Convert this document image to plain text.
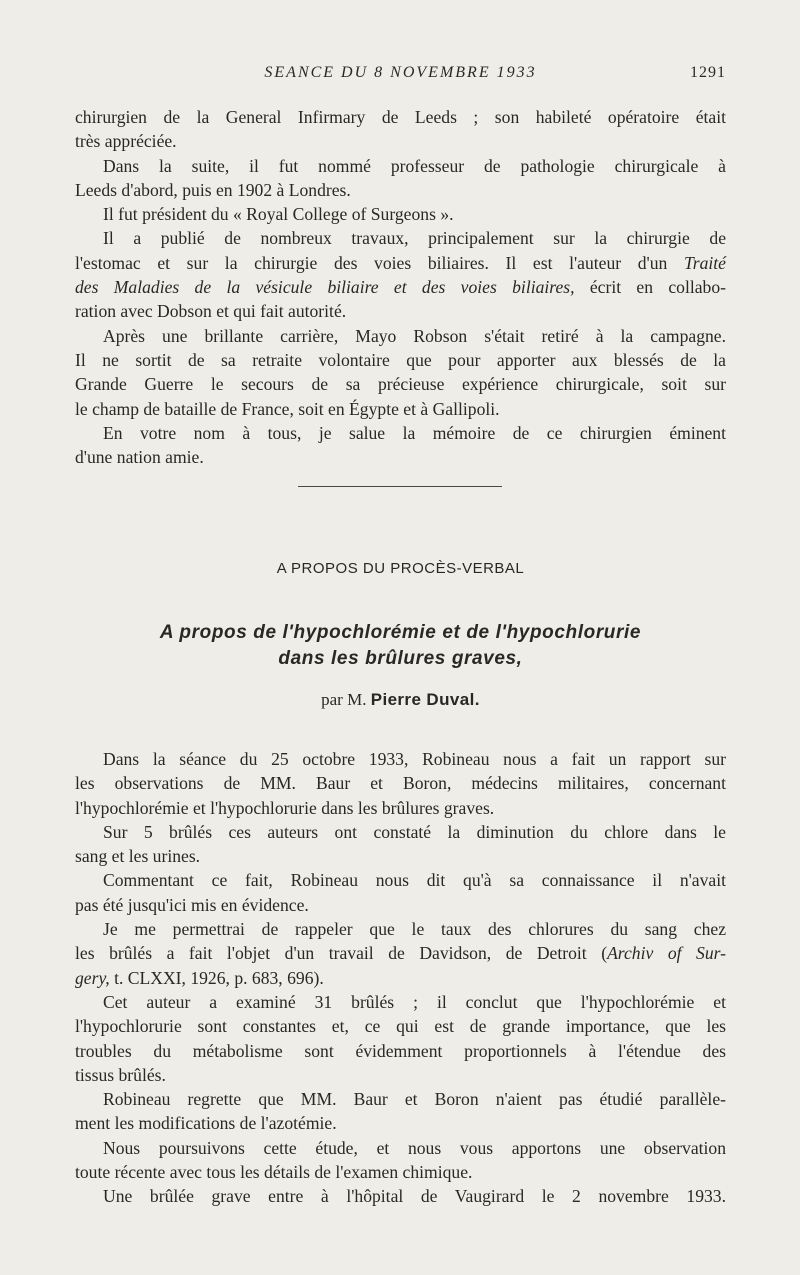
SEANCE DU 8 NOVEMBRE 1933	1291
chirurgien de la General Infirmary de Leeds ; son habileté opératoire était
très appréciée.
Dans la suite, il fut nommé professeur de pathologie chirurgicale à
Leeds d'abord, puis en 1902 à Londres.
Il fut président du « Royal College of Surgeons ».
Il a publié de nombreux travaux, principalement sur la chirurgie de
l'estomac et sur la chirurgie des voies biliaires. Il est l'auteur d'un Traité
des Maladies de la vésicule biliaire et des voies biliaires, écrit en collabo-
ration avec Dobson et qui fait autorité.
Après une brillante carrière, Mayo Robson s'était retiré à la campagne.
Il ne sortit de sa retraite volontaire que pour apporter aux blessés de la
Grande Guerre le secours de sa précieuse expérience chirurgicale, soit sur
le champ de bataille de France, soit en Égypte et à Gallipoli.
En votre nom à tous, je salue la mémoire de ce chirurgien éminent
d'une nation amie.
A PROPOS DU PROCÈS-VERBAL
A propos de l'hypochlorémie et de l'hypochlorurie
dans les brûlures graves,
par M. Pierre Duval.
Dans la séance du 25 octobre 1933, Robineau nous a fait un rapport sur
les observations de MM. Baur et Boron, médecins militaires, concernant
l'hypochlorémie et l'hypochlorurie dans les brûlures graves.
Sur 5 brûlés ces auteurs ont constaté la diminution du chlore dans le
sang et les urines.
Commentant ce fait, Robineau nous dit qu'à sa connaissance il n'avait
pas été jusqu'ici mis en évidence.
Je me permettrai de rappeler que le taux des chlorures du sang chez
les brûlés a fait l'objet d'un travail de Davidson, de Detroit (Archiv of Sur-
gery, t. CLXXI, 1926, p. 683, 696).
Cet auteur a examiné 31 brûlés ; il conclut que l'hypochlorémie et
l'hypochlorurie sont constantes et, ce qui est de grande importance, que les
troubles du métabolisme sont évidemment proportionnels à l'étendue des
tissus brûlés.
Robineau regrette que MM. Baur et Boron n'aient pas étudié parallèle-
ment les modifications de l'azotémie.
Nous poursuivons cette étude, et nous vous apportons une observation
toute récente avec tous les détails de l'examen chimique.
Une brûlée grave entre à l'hôpital de Vaugirard le 2 novembre 1933.
